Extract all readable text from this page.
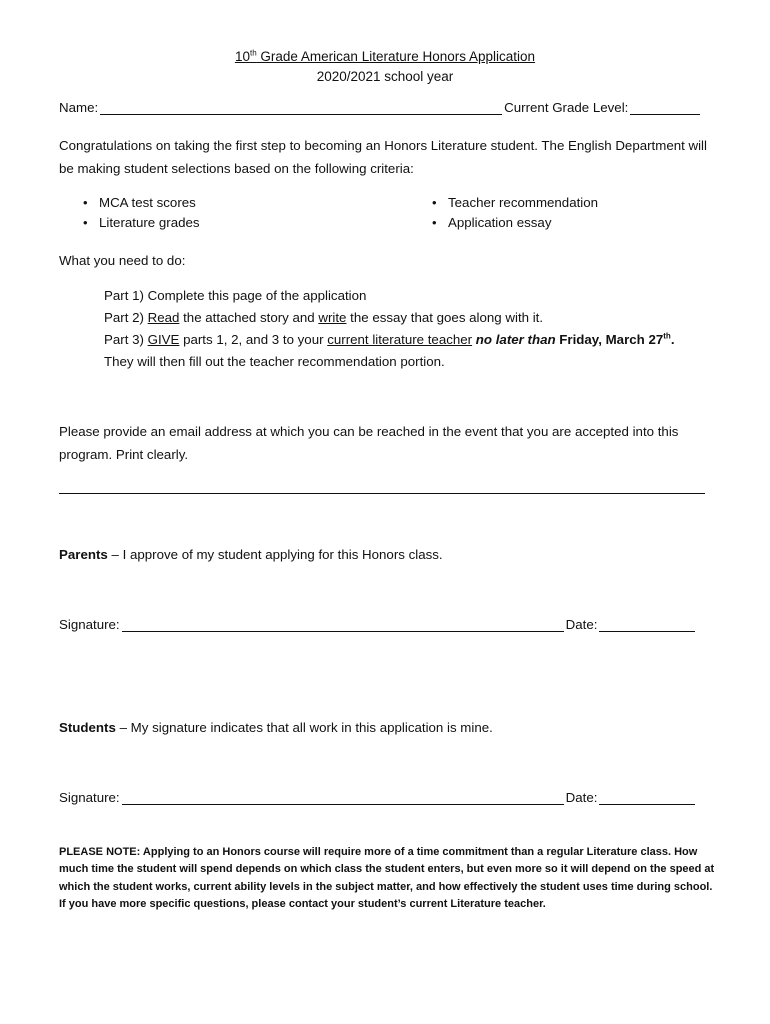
10th Grade American Literature Honors Application
2020/2021 school year
Name:	Current Grade Level:
Congratulations on taking the first step to becoming an Honors Literature student. The English Department will be making student selections based on the following criteria:
• MCA test scores
• Literature grades
• Teacher recommendation
• Application essay
What you need to do:
Part 1) Complete this page of the application
Part 2) Read the attached story and write the essay that goes along with it.
Part 3) GIVE parts 1, 2, and 3 to your current literature teacher no later than Friday, March 27th.
They will then fill out the teacher recommendation portion.
Please provide an email address at which you can be reached in the event that you are accepted into this program. Print clearly.
Parents – I approve of my student applying for this Honors class.
Signature:	Date:
Students – My signature indicates that all work in this application is mine.
Signature:	Date:
PLEASE NOTE: Applying to an Honors course will require more of a time commitment than a regular Literature class. How much time the student will spend depends on which class the student enters, but even more so it will depend on the speed at which the student works, current ability levels in the subject matter, and how effectively the student uses time during school. If you have more specific questions, please contact your student’s current Literature teacher.
